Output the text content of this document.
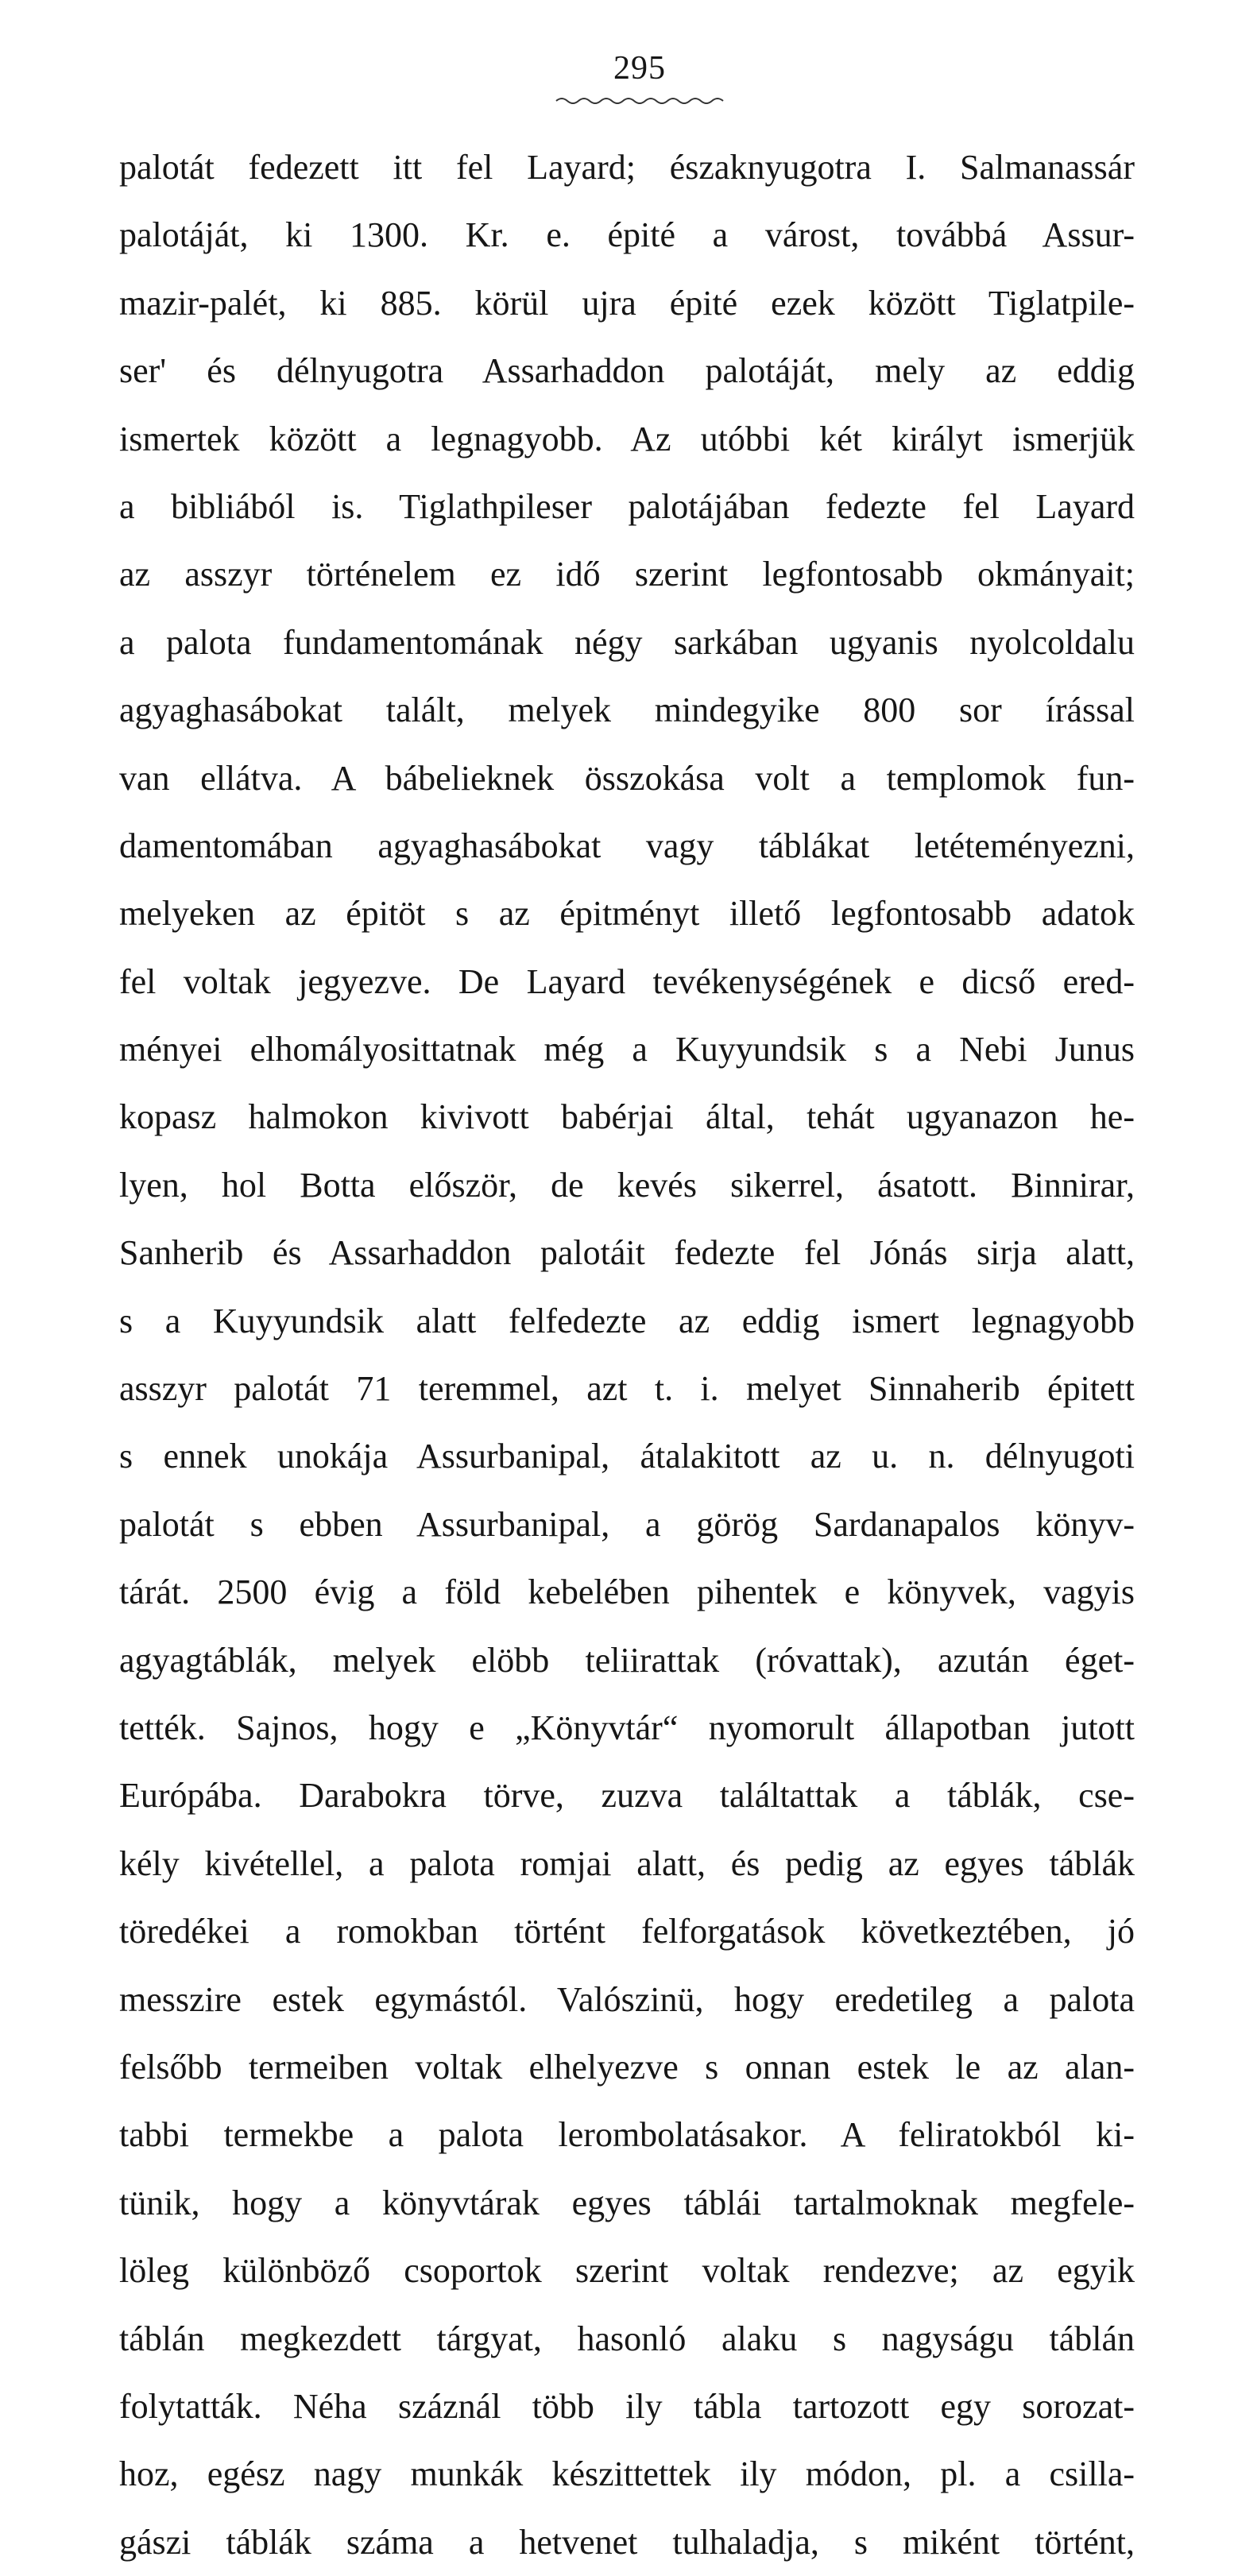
295
palotát fedezett itt fel Layard; északnyugotra I. Salmanassár
palotáját, ki 1300. Kr. e. épité a várost, továbbá Assur-
mazir-palét, ki 885. körül ujra épité ezek között Tiglatpile-
ser' és délnyugotra Assarhaddon palotáját, mely az eddig
ismertek között a legnagyobb. Az utóbbi két királyt ismerjük
a bibliából is. Tiglathpileser palotájában fedezte fel Layard
az asszyr történelem ez idő szerint legfontosabb okmányait;
a palota fundamentomának négy sarkában ugyanis nyolcoldalu
agyaghasábokat talált, melyek mindegyike 800 sor írással
van ellátva. A bábelieknek összokása volt a templomok fun-
damentomában agyaghasábokat vagy táblákat letéteményezni,
melyeken az épitöt s az épitményt illető legfontosabb adatok
fel voltak jegyezve. De Layard tevékenységének e dicső ered-
ményei elhomályosittatnak még a Kuyyundsik s a Nebi Junus
kopasz halmokon kivivott babérjai által, tehát ugyanazon he-
lyen, hol Botta először, de kevés sikerrel, ásatott. Binnirar,
Sanherib és Assarhaddon palotáit fedezte fel Jónás sirja alatt,
s a Kuyyundsik alatt felfedezte az eddig ismert legnagyobb
asszyr palotát 71 teremmel, azt t. i. melyet Sinnaherib épitett
s ennek unokája Assurbanipal, átalakitott az u. n. délnyugoti
palotát s ebben Assurbanipal, a görög Sardanapalos könyv-
tárát. 2500 évig a föld kebelében pihentek e könyvek, vagyis
agyagtáblák, melyek elöbb teliirattak (róvattak), azután éget-
tették. Sajnos, hogy e „Könyvtár“ nyomorult állapotban jutott
Európába. Darabokra törve, zuzva találtattak a táblák, cse-
kély kivétellel, a palota romjai alatt, és pedig az egyes táblák
töredékei a romokban történt felforgatások következtében, jó
messzire estek egymástól. Valószinü, hogy eredetileg a palota
felsőbb termeiben voltak elhelyezve s onnan estek le az alan-
tabbi termekbe a palota lerombolatásakor. A feliratokból ki-
tünik, hogy a könyvtárak egyes táblái tartalmoknak megfele-
löleg különböző csoportok szerint voltak rendezve; az egyik
táblán megkezdett tárgyat, hasonló alaku s nagyságu táblán
folytatták. Néha száznál több ily tábla tartozott egy sorozat-
hoz, egész nagy munkák készittettek ily módon, pl. a csilla-
gászi táblák száma a hetvenet tulhaladja, s miként történt,
